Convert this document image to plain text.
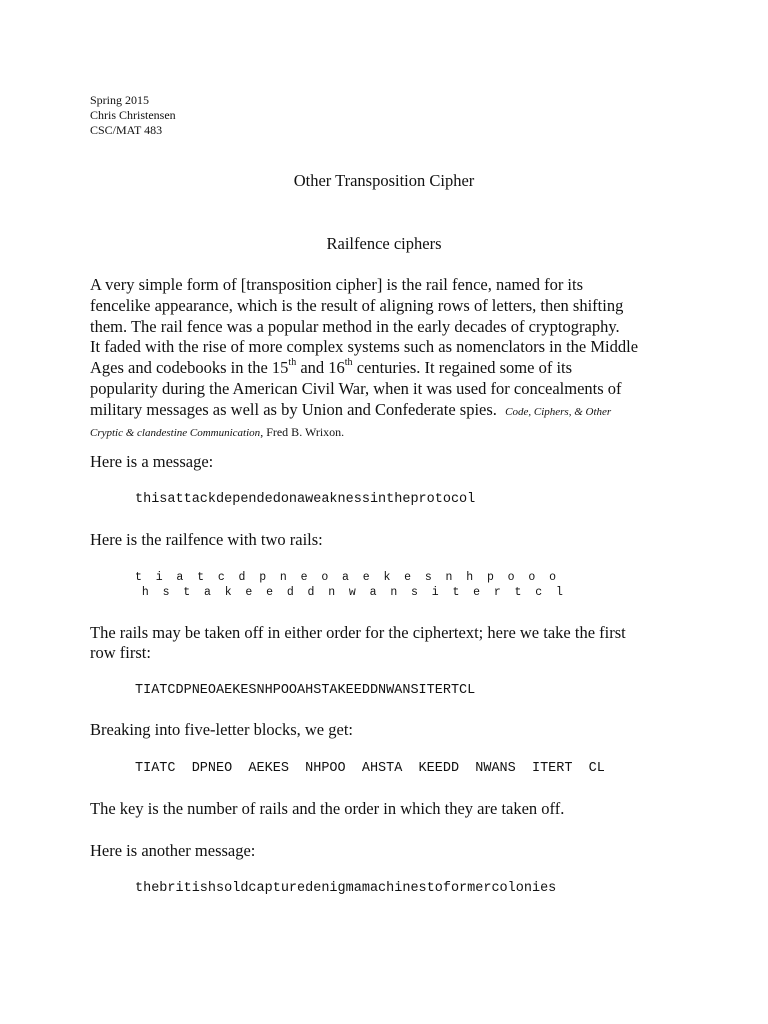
Spring 2015
Chris Christensen
CSC/MAT 483
Other Transposition Cipher
Railfence ciphers
A very simple form of [transposition cipher] is the rail fence, named for its
fencelike appearance, which is the result of aligning rows of letters, then shifting
them. The rail fence was a popular method in the early decades of cryptography.
It faded with the rise of more complex systems such as nomenclators in the Middle
Ages and codebooks in the 15th and 16th centuries. It regained some of its
popularity during the American Civil War, when it was used for concealments of
military messages as well as by Union and Confederate spies. Code, Ciphers, & Other
Cryptic & clandestine Communication, Fred B. Wrixon.
Here is a message:
thisattackdependedonaweaknessintheprotocol
Here is the railfence with two rails:
t  i  a  t  c  d  p  n  e  o  a  e  k  e  s  n  h  p  o  o  o
h  s  t  a  k  e  e  d  d  n  w  a  n  s  i  t  e  r  t  c  l
The rails may be taken off in either order for the ciphertext; here we take the first
row first:
TIATCDPNEOAEKESNHPOOAHSTAKEEDDNWANSITERTCL
Breaking into five-letter blocks, we get:
TIATC  DPNEO  AEKES  NHPOO  AHSTA  KEEDD  NWANS  ITERT  CL
The key is the number of rails and the order in which they are taken off.
Here is another message:
thebritishsoldcapturedenigmamachinestoformercolonies
